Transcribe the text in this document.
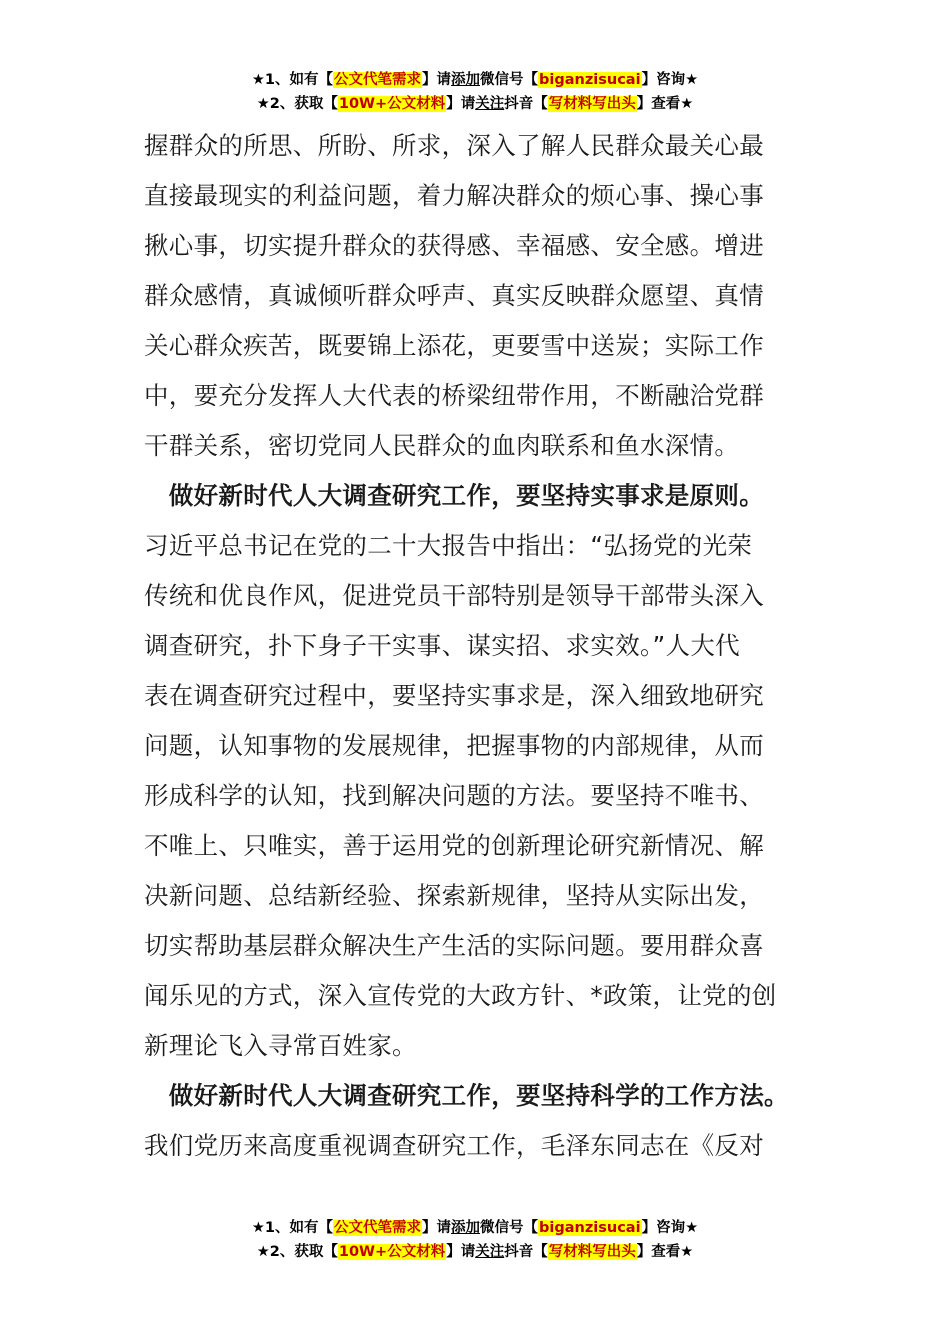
★1、如有【公文代笔需求】请添加微信号【biganzisucai】咨询★
★2、获取【10W+公文材料】请关注抖音【写材料写出头】查看★
握群众的所思、所盼、所求，深入了解人民群众最关心最
直接最现实的利益问题，着力解决群众的烦心事、操心事
揪心事，切实提升群众的获得感、幸福感、安全感。增进
群众感情，真诚倾听群众呼声、真实反映群众愿望、真情
关心群众疾苦，既要锦上添花，更要雪中送炭；实际工作
中，要充分发挥人大代表的桥梁纽带作用，不断融洽党群
干群关系，密切党同人民群众的血肉联系和鱼水深情。
　做好新时代人大调查研究工作，要坚持实事求是原则。
习近平总书记在党的二十大报告中指出：“弘扬党的光荣
传统和优良作风，促进党员干部特别是领导干部带头深入
调查研究，扑下身子干实事、谋实招、求实效。”人大代
表在调查研究过程中，要坚持实事求是，深入细致地研究
问题，认知事物的发展规律，把握事物的内部规律，从而
形成科学的认知，找到解决问题的方法。要坚持不唯书、
不唯上、只唯实，善于运用党的创新理论研究新情况、解
决新问题、总结新经验、探索新规律，坚持从实际出发，
切实帮助基层群众解决生产生活的实际问题。要用群众喜
闻乐见的方式，深入宣传党的大政方针、*政策，让党的创
新理论飞入寻常百姓家。
　做好新时代人大调查研究工作，要坚持科学的工作方法。
我们党历来高度重视调查研究工作，毛泽东同志在《反对
★1、如有【公文代笔需求】请添加微信号【biganzisucai】咨询★
★2、获取【10W+公文材料】请关注抖音【写材料写出头】查看★
